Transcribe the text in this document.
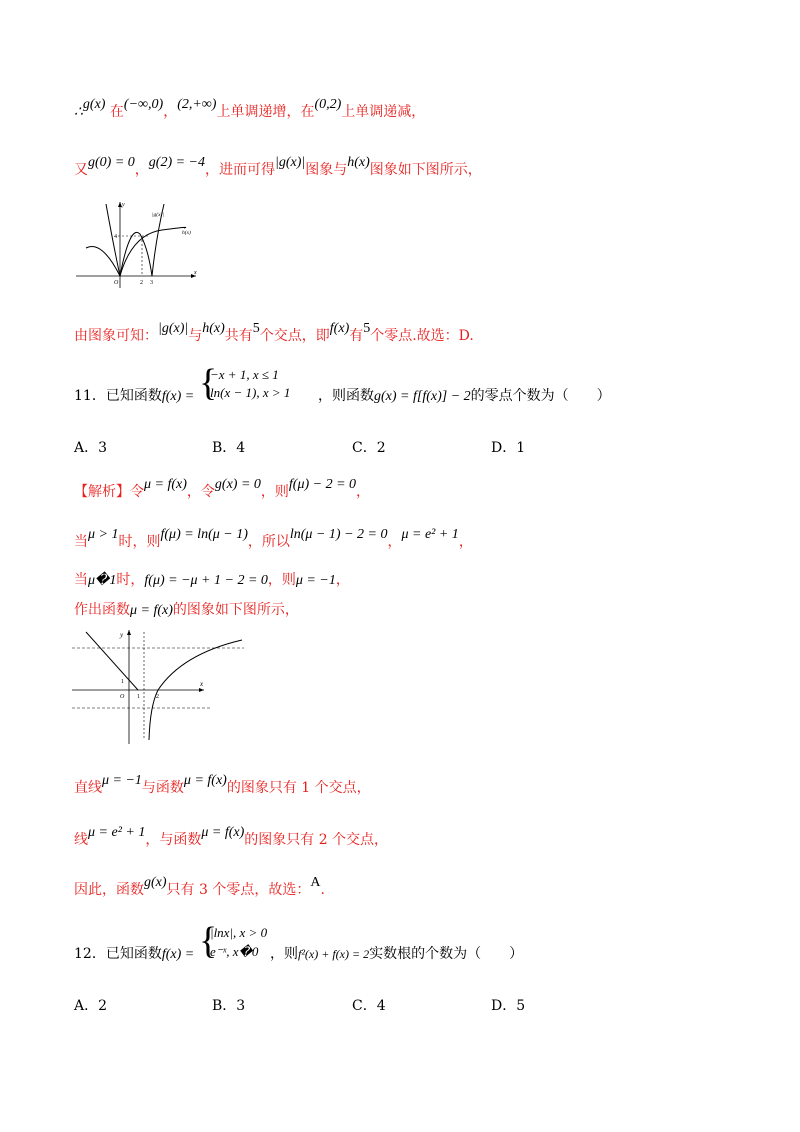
∴g(x) 在(−∞,0)，(2,+∞)上单调递增，在(0,2)上单调递减，
又g(0) = 0，g(2) = −4，进而可得|g(x)|图象与h(x)图象如下图所示，
y
x
O
4
2 3
|g(x)|
h(x)
由图象可知：|g(x)|与h(x)共有5个交点，即f(x)有5个零点.故选：D.
11．已知函数f(x) = {
−x + 1, x ≤ 1
ln(x − 1), x > 1 ，则函数g(x) = f[f(x)] − 2的零点个数为（　　）
A．3	B．4	C．2	D．1
【解析】令μ = f(x)，令g(x) = 0，则f(μ) − 2 = 0，
当μ > 1时，则f(μ) = ln(μ − 1)，所以ln(μ − 1) − 2 = 0，μ = e² + 1，
当μ�1时，f(μ) = −μ + 1 − 2 = 0，则μ = −1，
作出函数μ = f(x)的图象如下图所示，
y
x
O
1
1	2
直线μ = −1与函数μ = f(x)的图象只有 1 个交点，
线μ = e² + 1，与函数μ = f(x)的图象只有 2 个交点，
因此，函数g(x)只有 3 个零点，故选：A.
12．已知函数f(x) = {
|lnx|, x > 0
e⁻ˣ, x�0 ，则f²(x) + f(x) = 2实数根的个数为（　　）
A．2	B．3	C．4	D．5
